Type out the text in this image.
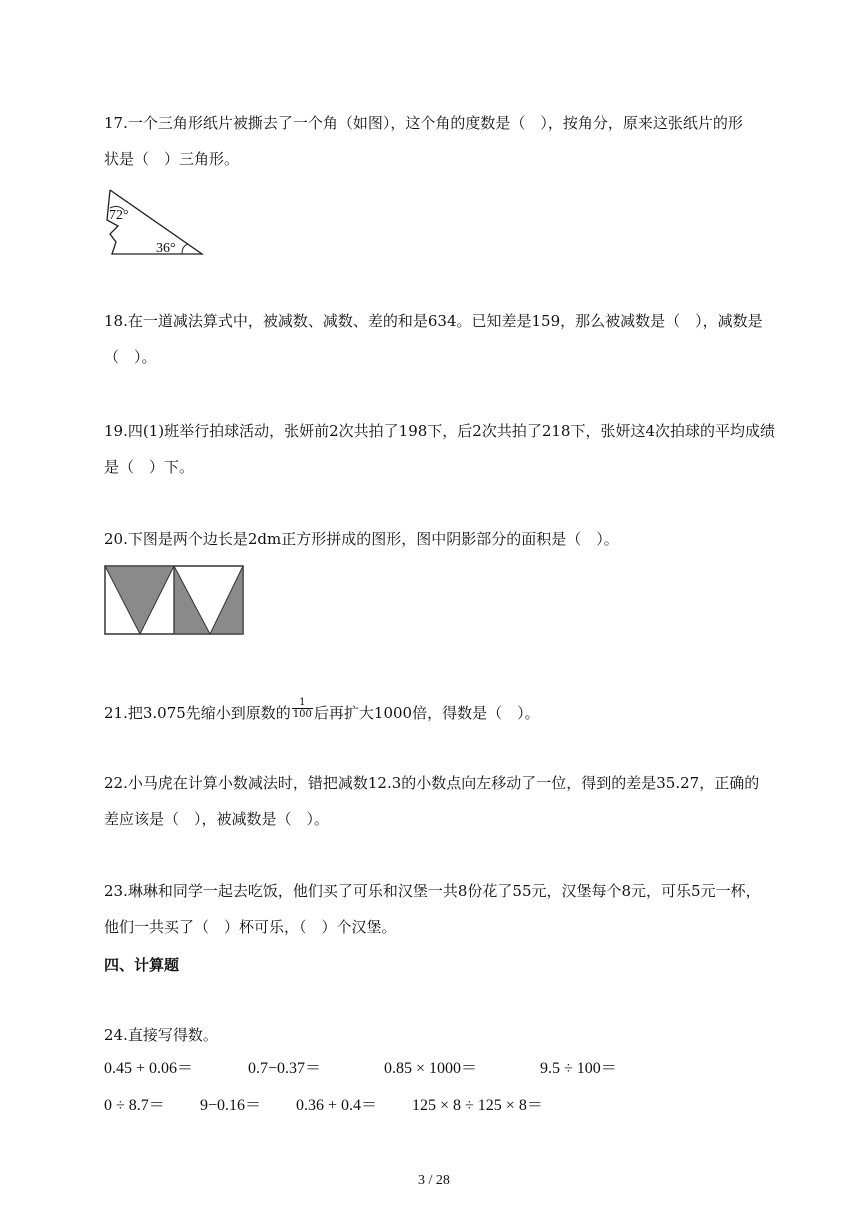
17.一个三角形纸片被撕去了一个角（如图），这个角的度数是（　），按角分，原来这张纸片的形
状是（　）三角形。
72°
36°
18.在一道减法算式中，被减数、减数、差的和是634。已知差是159，那么被减数是（　），减数是
（　）。
19.四(1)班举行拍球活动，张妍前2次共拍了198下，后2次共拍了218下，张妍这4次拍球的平均成绩
是（　）下。
20.下图是两个边长是2dm正方形拼成的图形，图中阴影部分的面积是（　）。
21.把3.075先缩小到原数的 $\frac{1}{100}$ 后再扩大1000倍，得数是（　）。
22.小马虎在计算小数减法时，错把减数12.3的小数点向左移动了一位，得到的差是35.27，正确的
差应该是（　），被减数是（　）。
23.琳琳和同学一起去吃饭，他们买了可乐和汉堡一共8份花了55元，汉堡每个8元，可乐5元一杯，
他们一共买了（　）杯可乐，（　）个汉堡。
四、计算题
24.直接写得数。
0.45 + 0.06＝	0.7−0.37＝	0.85 × 1000＝	9.5 ÷ 100＝
0 ÷ 8.7＝ 9−0.16＝ 0.36 + 0.4＝ 125 × 8 ÷ 125 × 8＝
3 / 28
